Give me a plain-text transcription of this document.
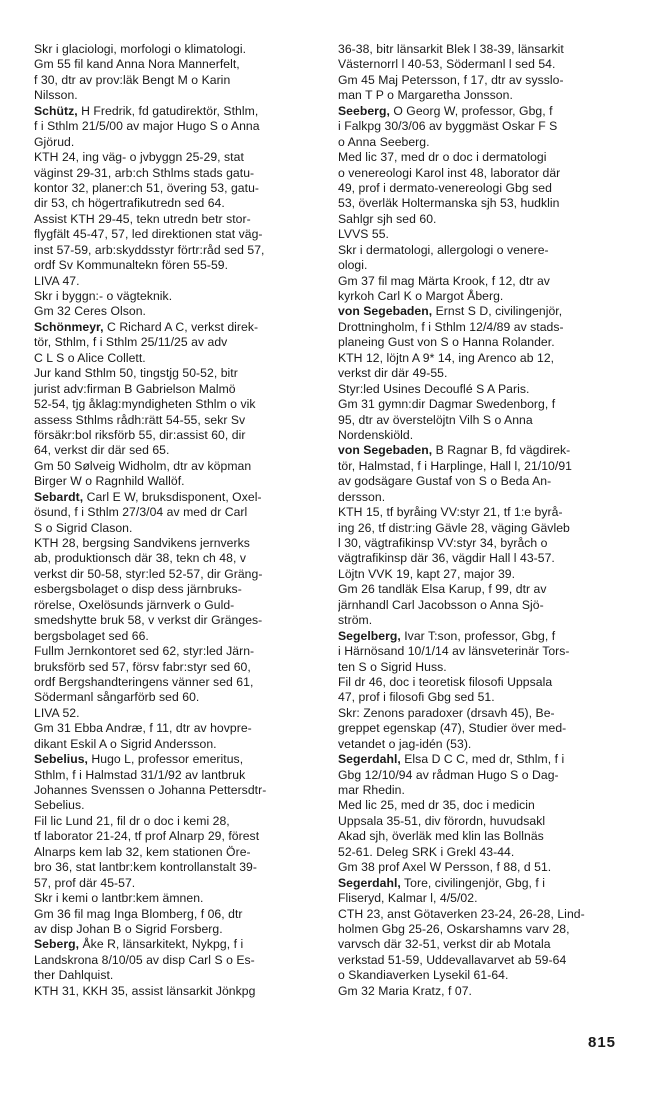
Skr i glaciologi, morfologi o klimatologi.
Gm 55 fil kand Anna Nora Mannerfelt,
f 30, dtr av prov:läk Bengt M o Karin
Nilsson.
Schütz, H Fredrik, fd gatudirektör, Sthlm,
f i Sthlm 21/5/00 av major Hugo S o Anna
Gjörud.
KTH 24, ing väg- o jvbyggn 25-29, stat
väginst 29-31, arb:ch Sthlms stads gatu-
kontor 32, planer:ch 51, övering 53, gatu-
dir 53, ch högertrafikutredn sed 64.
Assist KTH 29-45, tekn utredn betr stor-
flygfält 45-47, 57, led direktionen stat väg-
inst 57-59, arb:skyddsstyr förtr:råd sed 57,
ordf Sv Kommunaltekn fören 55-59.
LIVA 47.
Skr i byggn:- o vägteknik.
Gm 32 Ceres Olson.
Schönmeyr, C Richard A C, verkst direk-
tör, Sthlm, f i Sthlm 25/11/25 av adv
C L S o Alice Collett.
Jur kand Sthlm 50, tingstjg 50-52, bitr
jurist adv:firman B Gabrielson Malmö
52-54, tjg åklag:myndigheten Sthlm o vik
assess Sthlms rådh:rätt 54-55, sekr Sv
försäkr:bol riksförb 55, dir:assist 60, dir
64, verkst dir där sed 65.
Gm 50 Sølveig Widholm, dtr av köpman
Birger W o Ragnhild Wallöf.
Sebardt, Carl E W, bruksdisponent, Oxel-
ösund, f i Sthlm 27/3/04 av med dr Carl
S o Sigrid Clason.
KTH 28, bergsing Sandvikens jernverks
ab, produktionsch där 38, tekn ch 48, v
verkst dir 50-58, styr:led 52-57, dir Gräng-
esbergsbolaget o disp dess järnbruks-
rörelse, Oxelösunds järnverk o Guld-
smedshytte bruk 58, v verkst dir Gränges-
bergsbolaget sed 66.
Fullm Jernkontoret sed 62, styr:led Järn-
bruksförb sed 57, försv fabr:styr sed 60,
ordf Bergshandteringens vänner sed 61,
Södermanl sångarförb sed 60.
LIVA 52.
Gm 31 Ebba Andræ, f 11, dtr av hovpre-
dikant Eskil A o Sigrid Andersson.
Sebelius, Hugo L, professor emeritus,
Sthlm, f i Halmstad 31/1/92 av lantbruk
Johannes Svenssen o Johanna Pettersdtr-
Sebelius.
Fil lic Lund 21, fil dr o doc i kemi 28,
tf laborator 21-24, tf prof Alnarp 29, förest
Alnarps kem lab 32, kem stationen Öre-
bro 36, stat lantbr:kem kontrollanstalt 39-
57, prof där 45-57.
Skr i kemi o lantbr:kem ämnen.
Gm 36 fil mag Inga Blomberg, f 06, dtr
av disp Johan B o Sigrid Forsberg.
Seberg, Åke R, länsarkitekt, Nykpg, f i
Landskrona 8/10/05 av disp Carl S o Es-
ther Dahlquist.
KTH 31, KKH 35, assist länsarkit Jönkpg
36-38, bitr länsarkit Blek l 38-39, länsarkit
Västernorrl l 40-53, Södermanl l sed 54.
Gm 45 Maj Petersson, f 17, dtr av sysslo-
man T P o Margaretha Jonsson.
Seeberg, O Georg W, professor, Gbg, f
i Falkpg 30/3/06 av byggmäst Oskar F S
o Anna Seeberg.
Med lic 37, med dr o doc i dermatologi
o venereologi Karol inst 48, laborator där
49, prof i dermato-venereologi Gbg sed
53, överläk Holtermanska sjh 53, hudklin
Sahlgr sjh sed 60.
LVVS 55.
Skr i dermatologi, allergologi o venere-
ologi.
Gm 37 fil mag Märta Krook, f 12, dtr av
kyrkoh Carl K o Margot Åberg.
von Segebaden, Ernst S D, civilingenjör,
Drottningholm, f i Sthlm 12/4/89 av stads-
planeing Gust von S o Hanna Rolander.
KTH 12, löjtn A 9* 14, ing Arenco ab 12,
verkst dir där 49-55.
Styr:led Usines Decouflé S A Paris.
Gm 31 gymn:dir Dagmar Swedenborg, f
95, dtr av överstelöjtn Vilh S o Anna
Nordenskiöld.
von Segebaden, B Ragnar B, fd vägdirek-
tör, Halmstad, f i Harplinge, Hall l, 21/10/91
av godsägare Gustaf von S o Beda An-
dersson.
KTH 15, tf byråing VV:styr 21, tf 1:e byrå-
ing 26, tf distr:ing Gävle 28, väging Gävleb
l 30, vägtrafikinsp VV:styr 34, byråch o
vägtrafikinsp där 36, vägdir Hall l 43-57.
Löjtn VVK 19, kapt 27, major 39.
Gm 26 tandläk Elsa Karup, f 99, dtr av
järnhandl Carl Jacobsson o Anna Sjö-
ström.
Segelberg, Ivar T:son, professor, Gbg, f
i Härnösand 10/1/14 av länsveterinär Tors-
ten S o Sigrid Huss.
Fil dr 46, doc i teoretisk filosofi Uppsala
47, prof i filosofi Gbg sed 51.
Skr: Zenons paradoxer (drsavh 45), Be-
greppet egenskap (47), Studier över med-
vetandet o jag-idén (53).
Segerdahl, Elsa D C C, med dr, Sthlm, f i
Gbg 12/10/94 av rådman Hugo S o Dag-
mar Rhedin.
Med lic 25, med dr 35, doc i medicin
Uppsala 35-51, div förordn, huvudsakl
Akad sjh, överläk med klin las Bollnäs
52-61. Deleg SRK i Grekl 43-44.
Gm 38 prof Axel W Persson, f 88, d 51.
Segerdahl, Tore, civilingenjör, Gbg, f i
Fliseryd, Kalmar l, 4/5/02.
CTH 23, anst Götaverken 23-24, 26-28, Lind-
holmen Gbg 25-26, Oskarshamns varv 28,
varvsch där 32-51, verkst dir ab Motala
verkstad 51-59, Uddevallavarvet ab 59-64
o Skandiaverken Lysekil 61-64.
Gm 32 Maria Kratz, f 07.
815
